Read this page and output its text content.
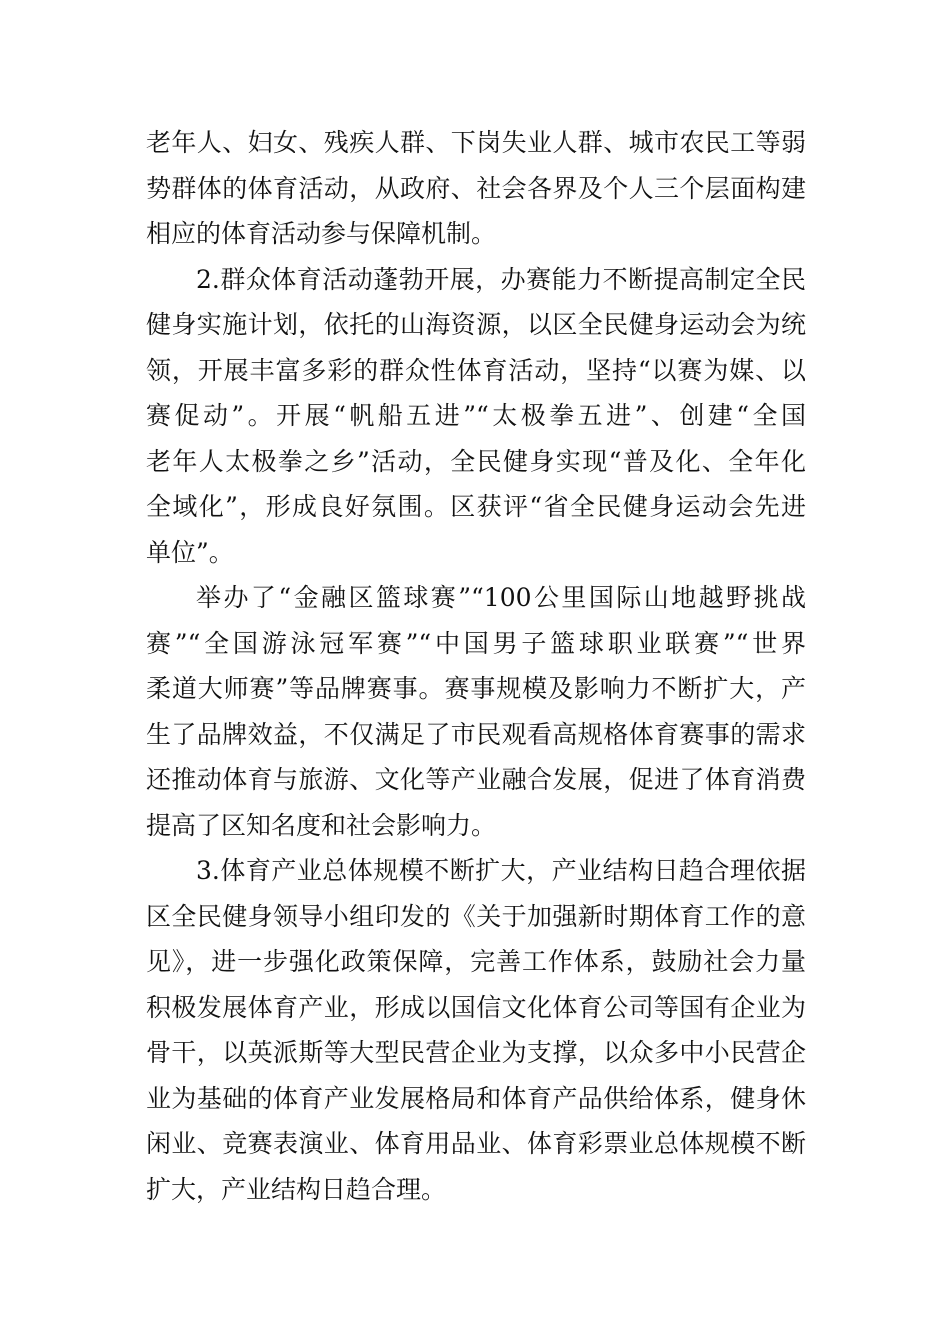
老年人、妇女、残疾人群、下岗失业人群、城市农民工等弱
势群体的体育活动，从政府、社会各界及个人三个层面构建
相应的体育活动参与保障机制。
2.群众体育活动蓬勃开展，办赛能力不断提高制定全民
健身实施计划，依托的山海资源，以区全民健身运动会为统
领，开展丰富多彩的群众性体育活动，坚持“以赛为媒、以
赛促动”。开展“帆船五进”“太极拳五进”、创建“全国
老年人太极拳之乡”活动，全民健身实现“普及化、全年化
全域化”，形成良好氛围。区获评“省全民健身运动会先进
单位”。
举办了“金融区篮球赛”“100公里国际山地越野挑战
赛”“全国游泳冠军赛”“中国男子篮球职业联赛”“世界
柔道大师赛”等品牌赛事。赛事规模及影响力不断扩大，产
生了品牌效益，不仅满足了市民观看高规格体育赛事的需求
还推动体育与旅游、文化等产业融合发展，促进了体育消费
提高了区知名度和社会影响力。
3.体育产业总体规模不断扩大，产业结构日趋合理依据
区全民健身领导小组印发的《关于加强新时期体育工作的意
见》，进一步强化政策保障，完善工作体系，鼓励社会力量
积极发展体育产业，形成以国信文化体育公司等国有企业为
骨干，以英派斯等大型民营企业为支撑，以众多中小民营企
业为基础的体育产业发展格局和体育产品供给体系，健身休
闲业、竞赛表演业、体育用品业、体育彩票业总体规模不断
扩大，产业结构日趋合理。
